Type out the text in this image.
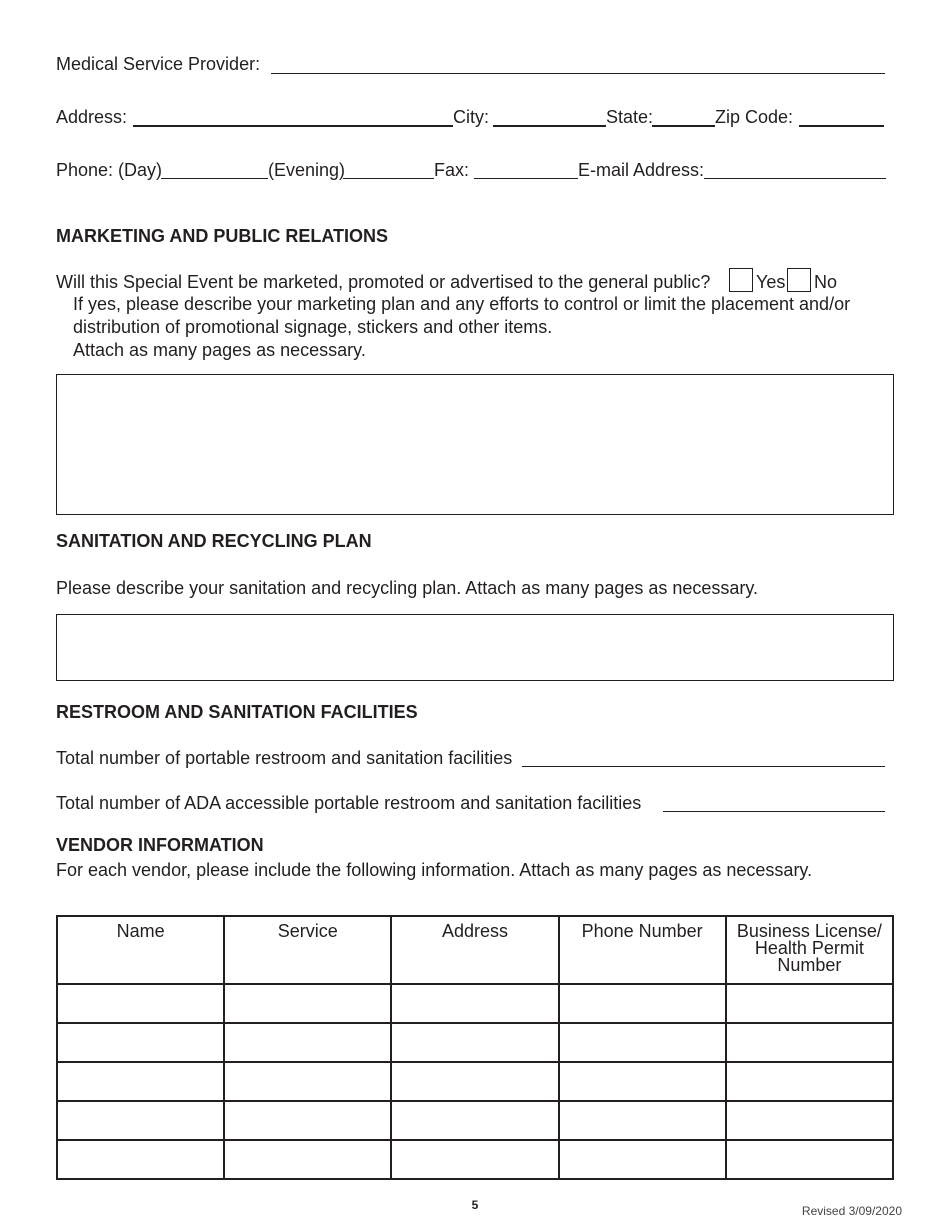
Medical Service Provider:
Address:	City:	State:	Zip Code:
Phone: (Day)	(Evening)	Fax:	E-mail Address:
MARKETING AND PUBLIC RELATIONS
Will this Special Event be marketed, promoted or advertised to the general public?	Yes No
If yes, please describe your marketing plan and any efforts to control or limit the placement and/or
distribution of promotional signage, stickers and other items.
Attach as many pages as necessary.
SANITATION AND RECYCLING PLAN
Please describe your sanitation and recycling plan. Attach as many pages as necessary.
RESTROOM AND SANITATION FACILITIES
Total number of portable restroom and sanitation facilities
Total number of ADA accessible portable restroom and sanitation facilities
VENDOR INFORMATION
For each vendor, please include the following information. Attach as many pages as necessary.
Name	Service	Address	Phone Number	Business License/
Health Permit
Number

5	Revised 3/09/2020
